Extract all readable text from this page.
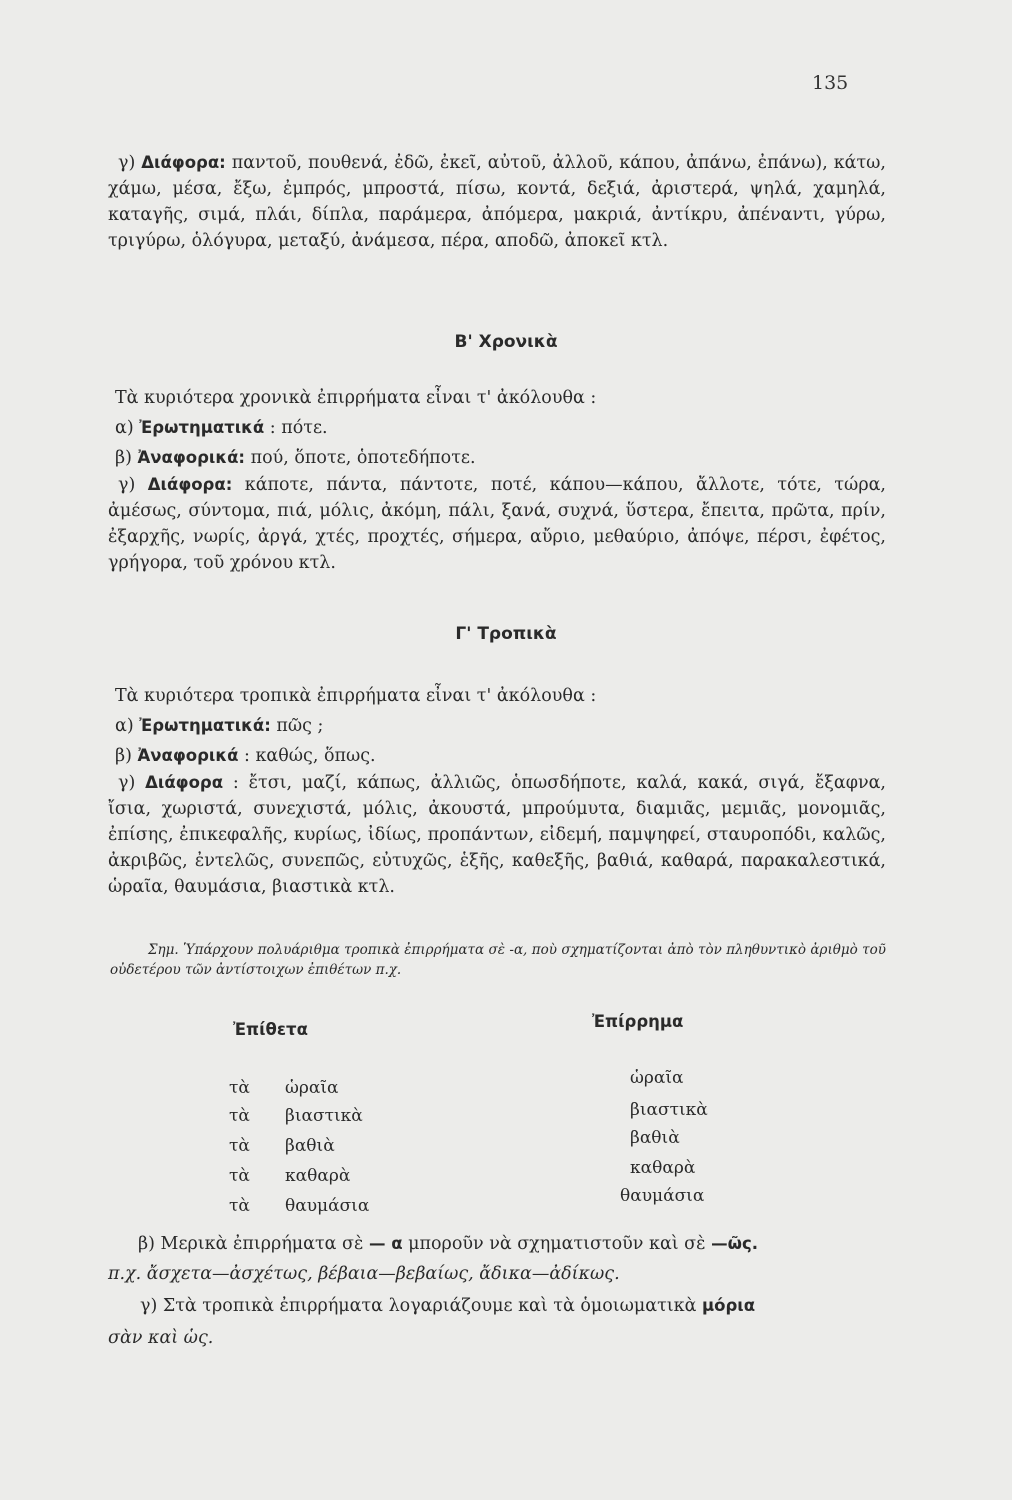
135
γ) Διάφορα: παντοῦ, πουθενά, ἐδῶ, ἐκεῖ, αὐτοῦ, ἀλλοῦ, κάπου, ἀπάνω, ἐπάνω), κάτω, χάμω, μέσα, ἔξω, ἐμπρός, μπροστά, πίσω, κοντά, δεξιά, ἀριστερά, ψηλά, χαμηλά, καταγῆς, σιμά, πλάι, δίπλα, παράμερα, ἀπόμερα, μακριά, ἀντίκρυ, ἀπέναντι, γύρω, τριγύρω, ὁλόγυρα, μεταξύ, ἀνάμεσα, πέρα, αποδῶ, ἀποκεῖ κτλ.
Β' Χρονικὰ
Τὰ κυριότερα χρονικὰ ἐπιρρήματα εἶναι τ' ἀκόλουθα :
α) Ἐρωτηματικά : πότε.
β) Ἀναφορικά: πού, ὅποτε, ὁποτεδήποτε.
γ) Διάφορα: κάποτε, πάντα, πάντοτε, ποτέ, κάπου—κάπου, ἄλλοτε, τότε, τώρα, ἀμέσως, σύντομα, πιά, μόλις, ἀκόμη, πάλι, ξανά, συχνά, ὕστερα, ἔπειτα, πρῶτα, πρίν, ἐξαρχῆς, νωρίς, ἀργά, χτές, προχτές, σήμερα, αὔριο, μεθαύριο, ἀπόψε, πέρσι, ἐφέτος, γρήγορα, τοῦ χρόνου κτλ.
Γ' Τροπικὰ
Τὰ κυριότερα τροπικὰ ἐπιρρήματα εἶναι τ' ἀκόλουθα :
α) Ἐρωτηματικά: πῶς ;
β) Ἀναφορικά : καθώς, ὅπως.
γ) Διάφορα : ἔτσι, μαζί, κάπως, ἀλλιῶς, ὁπωσδήποτε, καλά, κακά, σιγά, ἔξαφνα, ἴσια, χωριστά, συνεχιστά, μόλις, ἀκουστά, μπρούμυτα, διαμιᾶς, μεμιᾶς, μονομιᾶς, ἐπίσης, ἐπικεφαλῆς, κυρίως, ἰδίως, προπάντων, εἰδεμή, παμψηφεί, σταυροπόδι, καλῶς, ἀκριβῶς, ἐντελῶς, συνεπῶς, εὐτυχῶς, ἑξῆς, καθεξῆς, βαθιά, καθαρά, παρακαλεστικά, ὡραῖα, θαυμάσια, βιαστικὰ κτλ.
Σημ. Ὑπάρχουν πολυάριθμα τροπικὰ ἐπιρρήματα σὲ -α, ποὺ σχηματίζονται ἀπὸ τὸν πληθυντικὸ ἀριθμὸ τοῦ οὐδετέρου τῶν ἀντίστοιχων ἐπιθέτων π.χ.
Ἐπίθετα	Ἐπίρρημα
τὰ ὡραῖα	ὡραῖα
τὰ βιαστικὰ	βιαστικὰ
τὰ βαθιὰ	βαθιὰ
τὰ καθαρὰ	καθαρὰ
τὰ θαυμάσια	θαυμάσια
β) Μερικὰ ἐπιρρήματα σὲ — α μποροῦν νὰ σχηματιστοῦν καὶ σὲ —ῶς.
π.χ. ἄσχετα—ἀσχέτως, βέβαια—βεβαίως, ἄδικα—ἀδίκως.
γ) Στὰ τροπικὰ ἐπιρρήματα λογαριάζουμε καὶ τὰ ὁμοιωματικὰ μόρια
σὰν καὶ ὡς.
